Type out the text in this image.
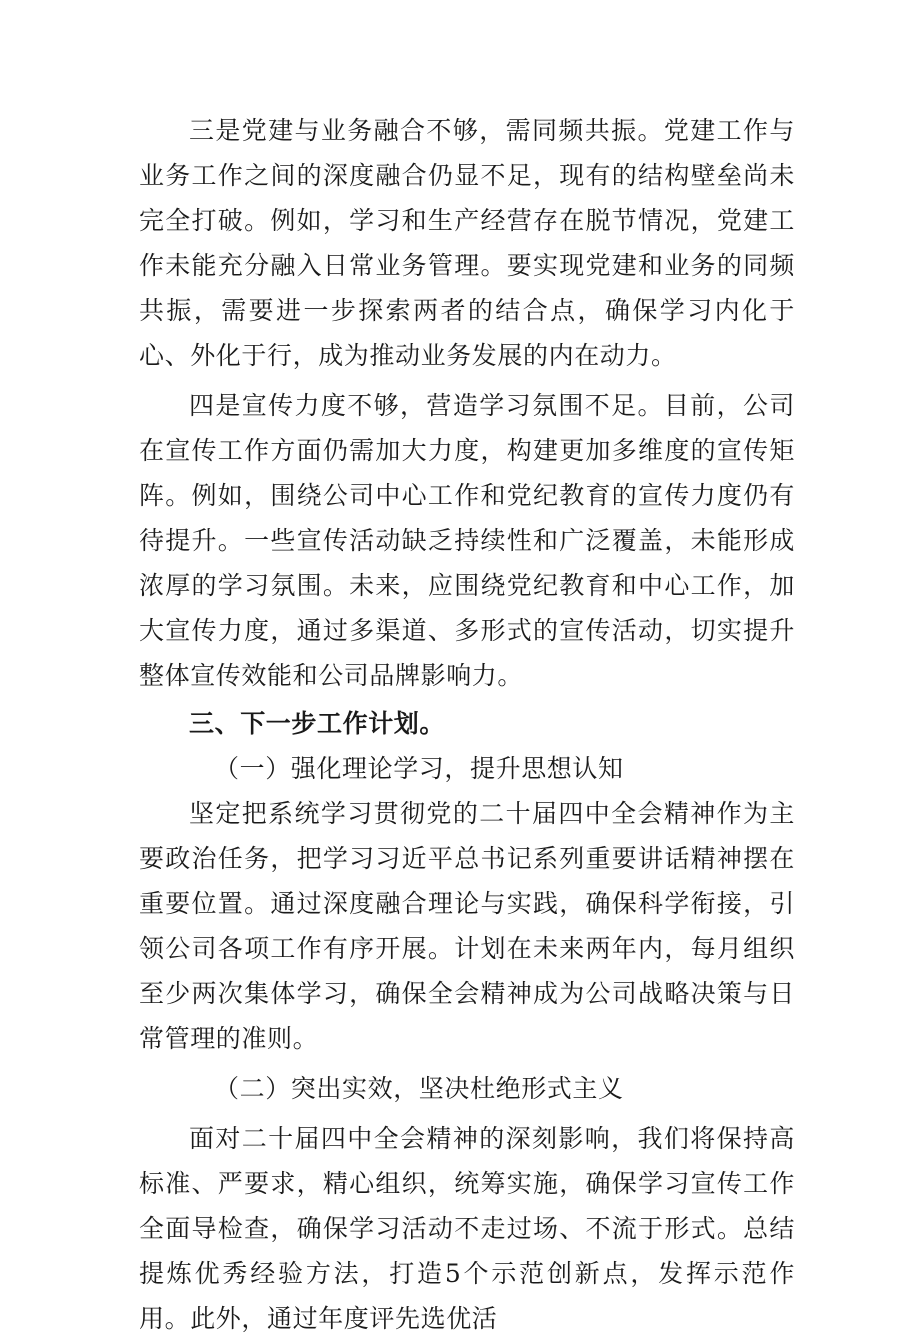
三是党建与业务融合不够，需同频共振。党建工作与业务工作之间的深度融合仍显不足，现有的结构壁垒尚未完全打破。例如，学习和生产经营存在脱节情况，党建工作未能充分融入日常业务管理。要实现党建和业务的同频共振，需要进一步探索两者的结合点，确保学习内化于心、外化于行，成为推动业务发展的内在动力。

四是宣传力度不够，营造学习氛围不足。目前，公司在宣传工作方面仍需加大力度，构建更加多维度的宣传矩阵。例如，围绕公司中心工作和党纪教育的宣传力度仍有待提升。一些宣传活动缺乏持续性和广泛覆盖，未能形成浓厚的学习氛围。未来，应围绕党纪教育和中心工作，加大宣传力度，通过多渠道、多形式的宣传活动，切实提升整体宣传效能和公司品牌影响力。

三、下一步工作计划。
（一）强化理论学习，提升思想认知

坚定把系统学习贯彻党的二十届四中全会精神作为主要政治任务，把学习习近平总书记系列重要讲话精神摆在重要位置。通过深度融合理论与实践，确保科学衔接，引领公司各项工作有序开展。计划在未来两年内，每月组织至少两次集体学习，确保全会精神成为公司战略决策与日常管理的准则。

（二）突出实效，坚决杜绝形式主义

面对二十届四中全会精神的深刻影响，我们将保持高标准、严要求，精心组织，统筹实施，确保学习宣传工作全面导检查，确保学习活动不走过场、不流于形式。总结提炼优秀经验方法，打造5个示范创新点，发挥示范作用。此外，通过年度评先选优活
